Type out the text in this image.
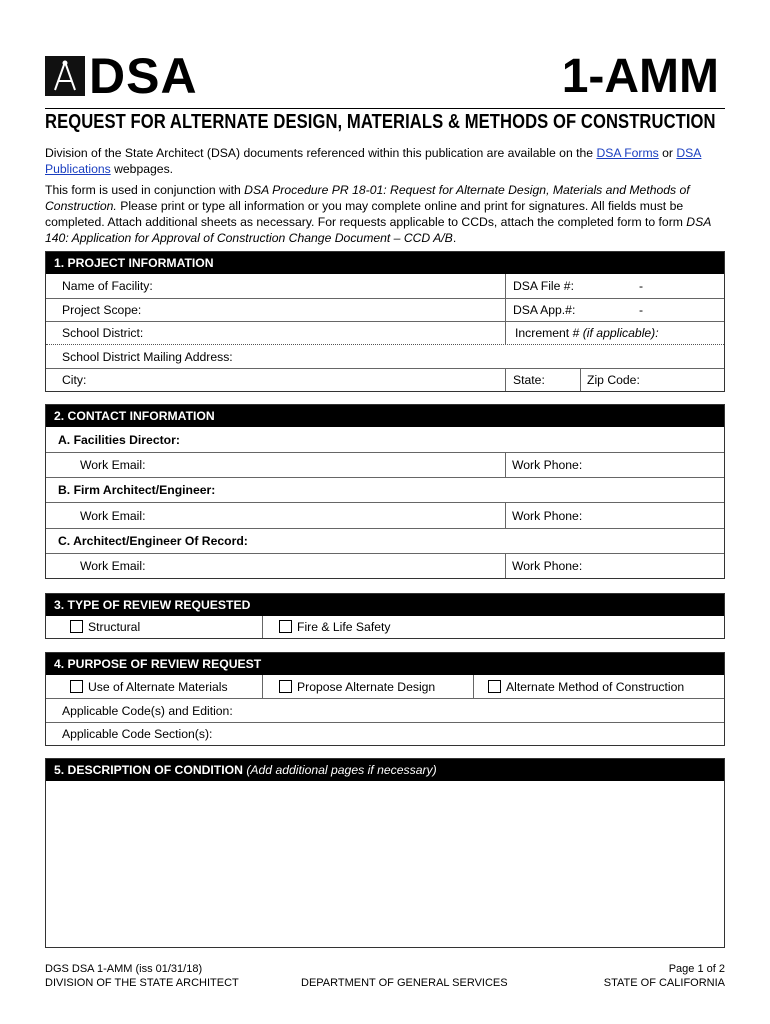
DSA	1-AMM
REQUEST FOR ALTERNATE DESIGN, MATERIALS & METHODS OF CONSTRUCTION
Division of the State Architect (DSA) documents referenced within this publication are available on the DSA Forms or DSA Publications webpages.
This form is used in conjunction with DSA Procedure PR 18-01: Request for Alternate Design, Materials and Methods of Construction. Please print or type all information or you may complete online and print for signatures. All fields must be completed. Attach additional sheets as necessary. For requests applicable to CCDs, attach the completed form to form DSA 140: Application for Approval of Construction Change Document – CCD A/B.
1. PROJECT INFORMATION
Name of Facility:	DSA File #:	-
Project Scope:	DSA App.#:	-
School District:	Increment # (if applicable):
School District Mailing Address:
City:	State:	Zip Code:
2. CONTACT INFORMATION
A. Facilities Director:
Work Email:	Work Phone:
B. Firm Architect/Engineer:
Work Email:	Work Phone:
C. Architect/Engineer Of Record:
Work Email:	Work Phone:
3. TYPE OF REVIEW REQUESTED
Structural	Fire & Life Safety
4. PURPOSE OF REVIEW REQUEST
Use of Alternate Materials	Propose Alternate Design	Alternate Method of Construction
Applicable Code(s) and Edition:
Applicable Code Section(s):
5. DESCRIPTION OF CONDITION (Add additional pages if necessary)
DGS DSA 1-AMM (iss 01/31/18)
DIVISION OF THE STATE ARCHITECT	DEPARTMENT OF GENERAL SERVICES
Page 1 of 2
STATE OF CALIFORNIA
